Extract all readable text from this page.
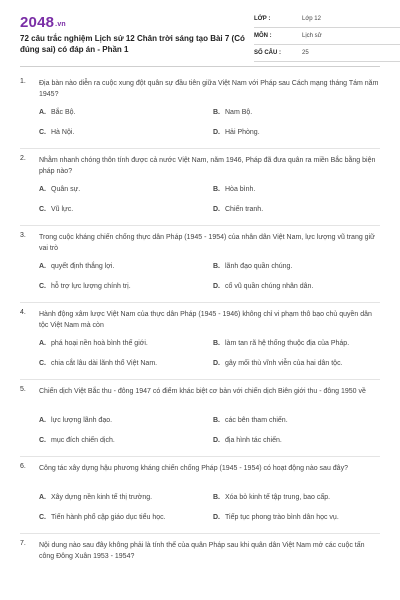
2048.vn
72 câu trắc nghiệm Lịch sử 12 Chân trời sáng tạo Bài 7 (Có đúng sai) có đáp án - Phần 1
LỚP :	Lớp 12
MÔN :	Lịch sử
SỐ CÂU :	25
1. Địa bàn nào diễn ra cuộc xung đột quân sự đầu tiên giữa Việt Nam với Pháp sau Cách mạng tháng Tám năm 1945?
A. Bắc Bộ.	B. Nam Bộ.
C. Hà Nội.	D. Hải Phòng.
2. Nhằm nhanh chóng thôn tính được cả nước Việt Nam, năm 1946, Pháp đã đưa quân ra miền Bắc bằng biện pháp nào?
A. Quân sự.	B. Hòa bình.
C. Vũ lực.	D. Chiến tranh.
3. Trong cuộc kháng chiến chống thực dân Pháp (1945 - 1954) của nhân dân Việt Nam, lực lượng vũ trang giữ vai trò
A. quyết định thắng lợi.	B. lãnh đạo quần chúng.
C. hỗ trợ lực lượng chính trị.	D. cổ vũ quần chúng nhân dân.
4. Hành động xâm lược Việt Nam của thực dân Pháp (1945 - 1946) không chỉ vi phạm thô bạo chủ quyền dân tộc Việt Nam mà còn
A. phá hoại nền hoà bình thế giới.	B. làm tan rã hệ thống thuộc địa của Pháp.
C. chia cắt lâu dài lãnh thổ Việt Nam.	D. gây mối thù vĩnh viễn của hai dân tộc.
5. Chiến dịch Việt Bắc thu - đông 1947 có điểm khác biệt cơ bản với chiến dịch Biên giới thu - đông 1950 về
A. lực lượng lãnh đạo.	B. các bên tham chiến.
C. mục đích chiến dịch.	D. địa hình tác chiến.
6. Công tác xây dựng hậu phương kháng chiến chống Pháp (1945 - 1954) có hoạt động nào sau đây?
A. Xây dựng nền kinh tế thị trường.	B. Xóa bỏ kinh tế tập trung, bao cấp.
C. Tiến hành phổ cập giáo dục tiểu học.	D. Tiếp tục phong trào bình dân học vụ.
7. Nội dung nào sau đây không phải là tính thế của quân Pháp sau khi quân dân Việt Nam mở các cuộc tấn công Đông Xuân 1953 - 1954?
